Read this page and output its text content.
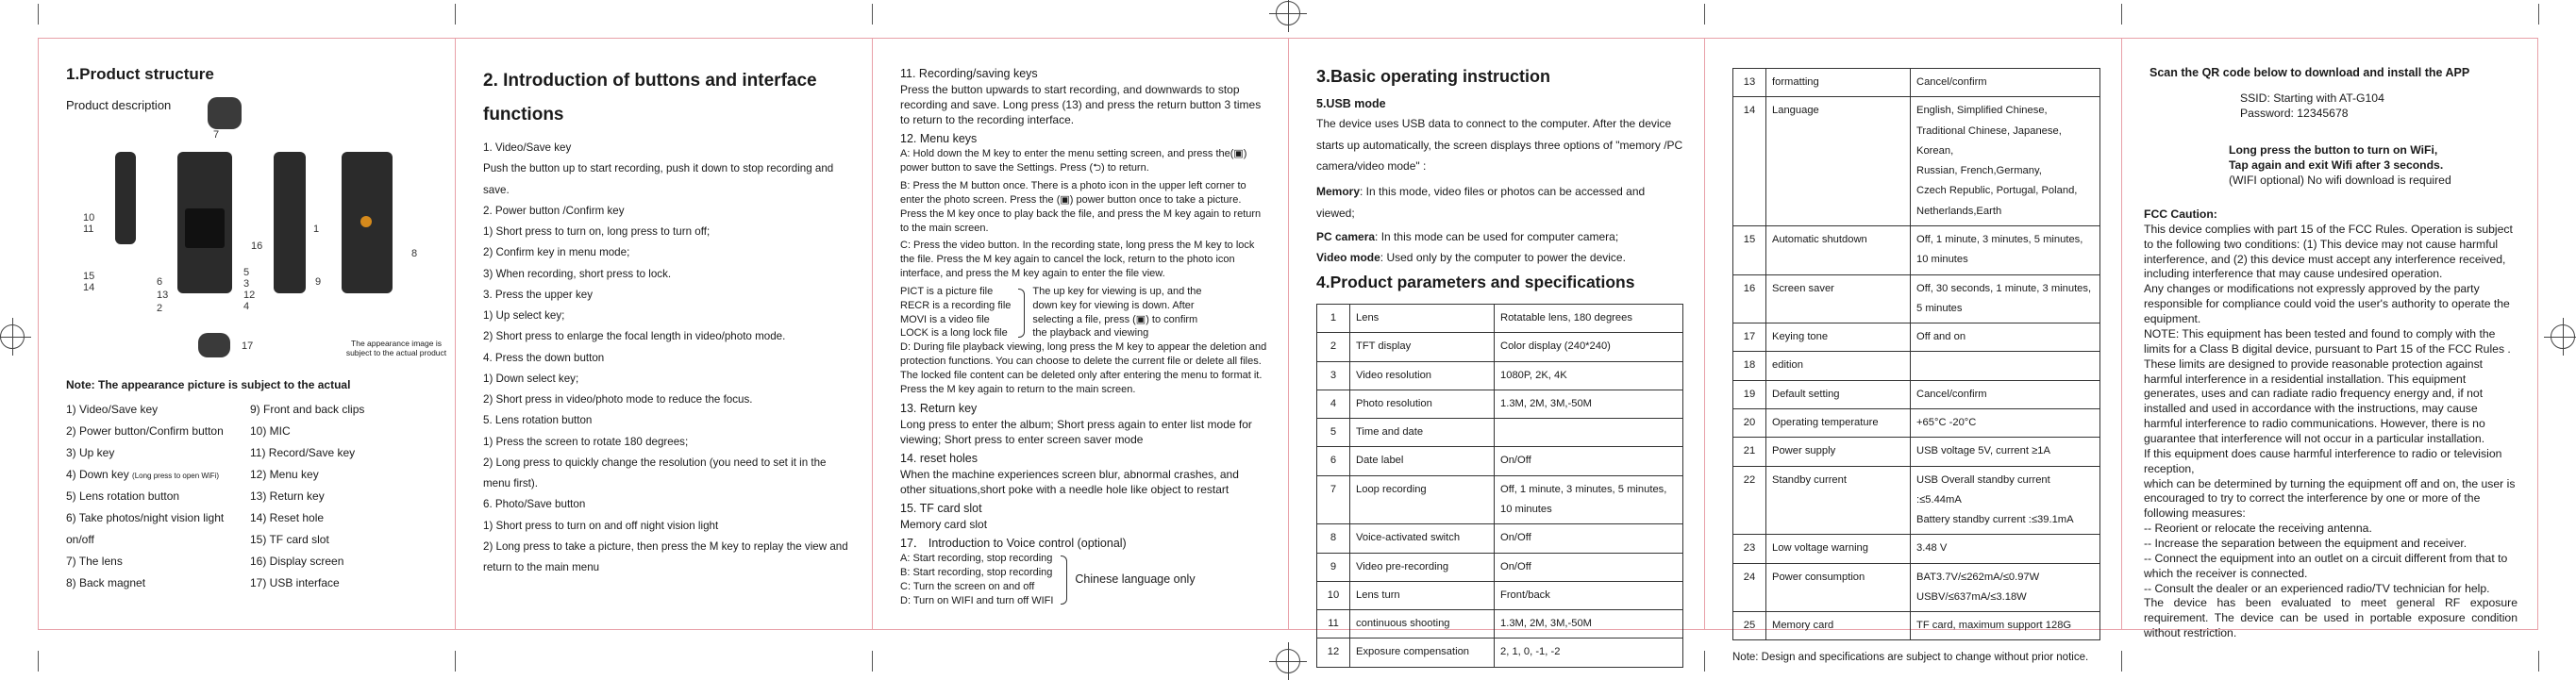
1.Product structure
Product description
7
10
11
16
1
8
15
14	6
13
2
5
3
12
4
9
17	The appearance image is subject to the actual product
Note: The appearance picture is subject to the actual
1) Video/Save key
2) Power button/Confirm button
3) Up key
4) Down key (Long press to open WiFi)
5) Lens rotation button
6) Take photos/night vision light
on/off
7) The lens
8) Back magnet
9) Front and back clips
10) MIC
11) Record/Save key
12) Menu key
13) Return key
14) Reset hole
15) TF card slot
16) Display screen
17) USB interface
2. Introduction of buttons and interface
functions
1. Video/Save key
Push the button up to start recording, push it down to stop recording and
save.
2. Power button /Confirm key
1) Short press to turn on, long press to turn off;
2) Confirm key in menu mode;
3) When recording, short press to lock.
3. Press the upper key
1) Up select key;
2) Short press to enlarge the focal length in video/photo mode.
4. Press the down button
1) Down select key;
2) Short press in video/photo mode to reduce the focus.
5. Lens rotation button
1) Press the screen to rotate 180 degrees;
2) Long press to quickly change the resolution (you need to set it in the
menu first).
6. Photo/Save button
1) Short press to turn on and off night vision light
2) Long press to take a picture, then press the M key to replay the view and
return to the main menu
11. Recording/saving keys

Press the button upwards to start recording, and downwards to stop recording and save. Long press (13) and press the return button 3 times to return to the recording interface.

12. Menu keys

A: Hold down the M key to enter the menu setting screen, and press the(▣) power button to save the Settings. Press (⮌) to return.

B: Press the M button once. There is a photo icon in the upper left corner to enter the photo screen. Press the (▣) power button once to take a picture. Press the M key once to play back the file, and press the M key again to return to the main screen.

C: Press the video button. In the recording state, long press the M key to lock the file. Press the M key again to cancel the lock, return to the photo icon interface, and press the M key again to enter the file view.

PICT is a picture file
RECR is a recording file
MOVI is a video file
LOCK is a long lock file
The up key for viewing is up, and the down key for viewing is down. After selecting a file, press (▣) to confirm the playback and viewing

D: During file playback viewing, long press the M key to appear the deletion and protection functions. You can choose to delete the current file or delete all files. The locked file content can be deleted only after entering the menu to format it. Press the M key again to return to the main screen.

13. Return key

Long press to enter the album; Short press again to enter list mode for viewing; Short press to enter screen saver mode

14. reset holes

When the machine experiences screen blur, abnormal crashes, and other situations,short poke with a needle hole like object to restart

15. TF card slot

Memory card slot

17． Introduction to Voice control (optional)
A: Start recording, stop recording
B: Start recording, stop recording
C: Turn the screen on and off
D: Turn on WIFI and turn off WIFI
Chinese language only
3.Basic operating instruction
5.USB mode

The device uses USB data to connect to the computer. After the device starts up automatically, the screen displays three options of "memory /PC camera/video mode" :

Memory: In this mode, video files or photos can be accessed and viewed;

PC camera: In this mode can be used for computer camera;

Video mode: Used only by the computer to power the device.

4.Product parameters and specifications
1	Lens	Rotatable lens, 180 degrees
2	TFT display	Color display (240*240)
3	Video resolution	1080P, 2K, 4K
4	Photo resolution	1.3M, 2M, 3M,-50M
5	Time and date	
6	Date label	On/Off
7	Loop recording	Off, 1 minute, 3 minutes, 5 minutes,
10 minutes
8	Voice-activated switch	On/Off
9	Video pre-recording	On/Off
10	Lens turn	Front/back
11	continuous shooting	1.3M, 2M, 3M,-50M
12	Exposure compensation	2, 1, 0, -1, -2
13	formatting	Cancel/confirm
14	Language	English, Simplified Chinese,
Traditional Chinese, Japanese, Korean,
Russian, French,Germany,
Czech Republic, Portugal, Poland,
Netherlands,Earth
15	Automatic shutdown	Off, 1 minute, 3 minutes, 5 minutes,
10 minutes
16	Screen saver	Off, 30 seconds, 1 minute, 3 minutes,
5 minutes
17	Keying tone	Off and on
18	edition	
19	Default setting	Cancel/confirm
20	Operating temperature	+65°C -20°C
21	Power supply	USB voltage 5V, current ≥1A
22	Standby current	USB Overall standby current :≤5.44mA
Battery standby current :≤39.1mA
23	Low voltage warning	3.48 V
24	Power consumption	BAT3.7V/≤262mA/≤0.97W
USBV/≤637mA/≤3.18W
25	Memory card	TF card, maximum support 128G
Note: Design and specifications are subject to change without prior notice.
Scan the QR code below to download and install the APP
SSID: Starting with AT-G104
Password: 12345678
Long press the button to turn on WiFi,
Tap again and exit Wifi after 3 seconds.
(WIFI optional) No wifi download is required
FCC Caution:

This device complies with part 15 of the FCC Rules. Operation is subject to the following two conditions: (1) This device may not cause harmful interference, and (2) this device must accept any interference received, including interference that may cause undesired operation.

Any changes or modifications not expressly approved by the party responsible for compliance could void the user's authority to operate the equipment.

NOTE: This equipment has been tested and found to comply with the limits for a Class B digital device, pursuant to Part 15 of the FCC Rules . These limits are designed to provide reasonable protection against harmful interference in a residential installation. This equipment generates, uses and can radiate radio frequency energy and, if not installed and used in accordance with the instructions, may cause harmful interference to radio communications. However, there is no guarantee that interference will not occur in a particular installation.

If this equipment does cause harmful interference to radio or television reception,

which can be determined by turning the equipment off and on, the user is encouraged to try to correct the interference by one or more of the following measures:

-- Reorient or relocate the receiving antenna.

-- Increase the separation between the equipment and receiver.

-- Connect the equipment into an outlet on a circuit different from that to which the receiver is connected.

-- Consult the dealer or an experienced radio/TV technician for help.

The device has been evaluated to meet general RF exposure requirement. The device can be used in portable exposure condition without restriction.
